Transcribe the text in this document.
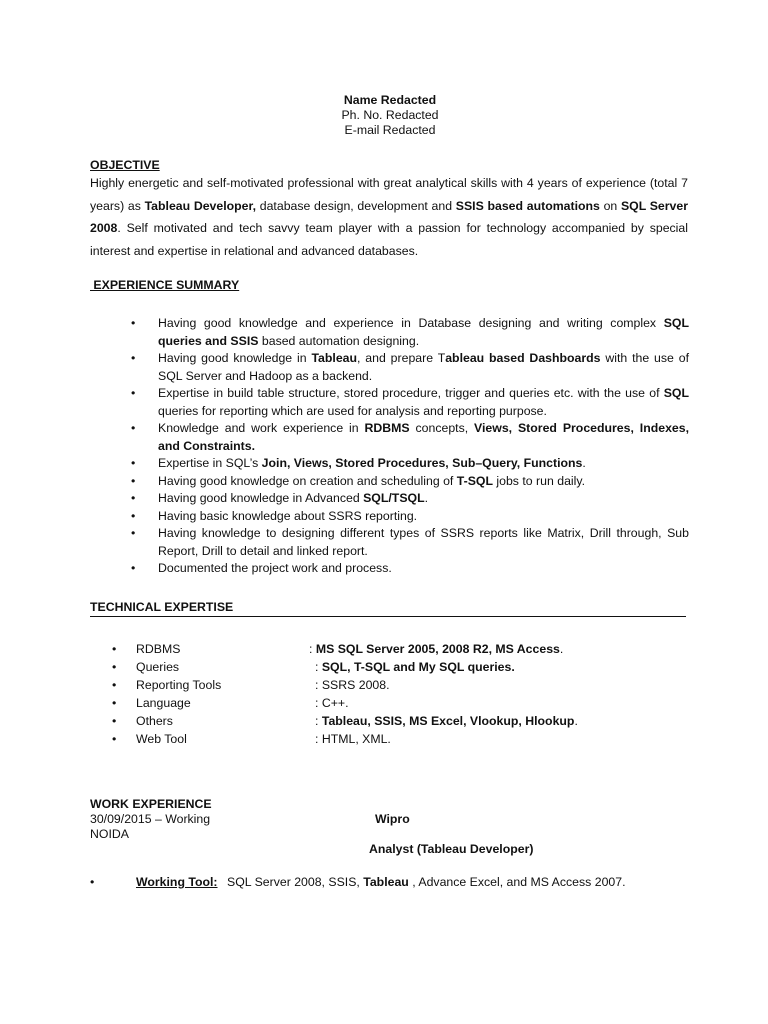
Name Redacted
Ph. No. Redacted
E-mail Redacted
OBJECTIVE
Highly energetic and self-motivated professional with great analytical skills with 4 years of experience (total 7 years) as Tableau Developer, database design, development and SSIS based automations on SQL Server 2008. Self motivated and tech savvy team player with a passion for technology accompanied by special interest and expertise in relational and advanced databases.
EXPERIENCE SUMMARY
• Having good knowledge and experience in Database designing and writing complex SQL queries and SSIS based automation designing.
• Having good knowledge in Tableau, and prepare Tableau based Dashboards with the use of SQL Server and Hadoop as a backend.
• Expertise in build table structure, stored procedure, trigger and queries etc. with the use of SQL queries for reporting which are used for analysis and reporting purpose.
• Knowledge and work experience in RDBMS concepts, Views, Stored Procedures, Indexes, and Constraints.
• Expertise in SQL’s Join, Views, Stored Procedures, Sub–Query, Functions.
• Having good knowledge on creation and scheduling of T-SQL jobs to run daily.
• Having good knowledge in Advanced SQL/TSQL.
• Having basic knowledge about SSRS reporting.
• Having knowledge to designing different types of SSRS reports like Matrix, Drill through, Sub Report, Drill to detail and linked report.
• Documented the project work and process.
TECHNICAL EXPERTISE
• RDBMS	: MS SQL Server 2005, 2008 R2, MS Access.
• Queries	: SQL, T-SQL and My SQL queries.
• Reporting Tools	: SSRS 2008.
• Language	: C++.
• Others	: Tableau, SSIS, MS Excel, Vlookup, Hlookup.
• Web Tool	: HTML, XML.
WORK EXPERIENCE
30/09/2015 – Working
NOIDA
Wipro
Analyst (Tableau Developer)
•	Working Tool: SQL Server 2008, SSIS, Tableau , Advance Excel, and MS Access 2007.
